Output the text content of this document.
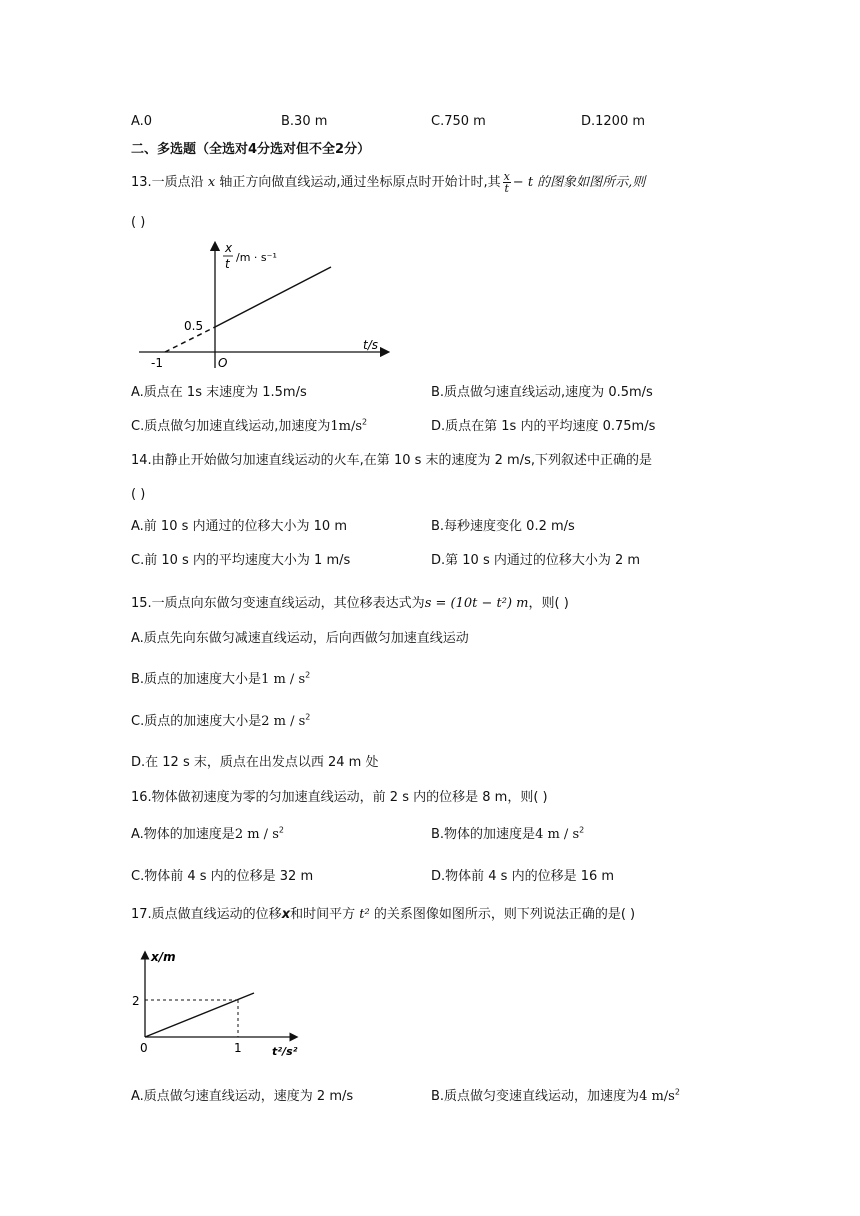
A.0	B.30 m	C.750 m	D.1200 m
二、多选题（全选对4分选对但不全2分）
13.一质点沿 x 轴正方向做直线运动,通过坐标原点时开始计时,其 $\frac{x}{t} - t$ 的图象如图所示,则
( )
x
t /m · s⁻¹
0.5
-1	O
t/s
A.质点在 1s 末速度为 1.5m/s	B.质点做匀速直线运动,速度为 0.5m/s
C.质点做匀加速直线运动,加速度为$1m/s^2$	D.质点在第 1s 内的平均速度 0.75m/s
14.由静止开始做匀加速直线运动的火车,在第 10 s 末的速度为 2 m/s,下列叙述中正确的是
( )
A.前 10 s 内通过的位移大小为 10 m	B.每秒速度变化 0.2 m/s
C.前 10 s 内的平均速度大小为 1 m/s	D.第 10 s 内通过的位移大小为 2 m
15.一质点向东做匀变速直线运动，其位移表达式为s = (10t − t²) m，则( )
A.质点先向东做匀减速直线运动，后向西做匀加速直线运动
B.质点的加速度大小是1 m / $s^2$
C.质点的加速度大小是2 m / $s^2$
D.在 12 s 末，质点在出发点以西 24 m 处
16.物体做初速度为零的匀加速直线运动，前 2 s 内的位移是 8 m，则( )
A.物体的加速度是2 m / $s^2$	B.物体的加速度是4 m / $s^2$
C.物体前 4 s 内的位移是 32 m	D.物体前 4 s 内的位移是 16 m
17.质点做直线运动的位移x和时间平方 t² 的关系图像如图所示，则下列说法正确的是( )
x/m
2
0	1	t²/s²
A.质点做匀速直线运动，速度为 2 m/s	B.质点做匀变速直线运动，加速度为4 $m/s^2$
